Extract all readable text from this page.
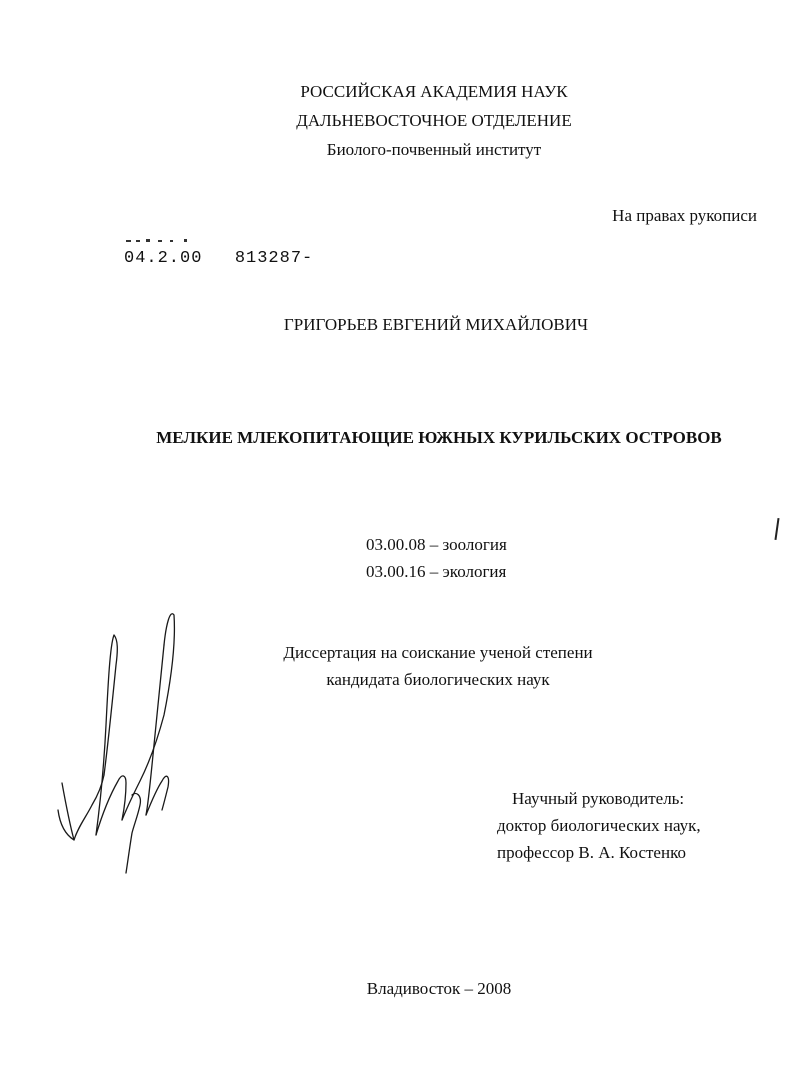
РОССИЙСКАЯ АКАДЕМИЯ НАУК
ДАЛЬНЕВОСТОЧНОЕ ОТДЕЛЕНИЕ
Биолого-почвенный институт
На правах рукописи
04.2.00 813287-
ГРИГОРЬЕВ ЕВГЕНИЙ МИХАЙЛОВИЧ
МЕЛКИЕ МЛЕКОПИТАЮЩИЕ ЮЖНЫХ КУРИЛЬСКИХ ОСТРОВОВ
03.00.08 – зоология
03.00.16 – экология
Диссертация на соискание ученой степени
кандидата биологических наук
Научный руководитель:
доктор биологических наук,
профессор В. А. Костенко
Владивосток – 2008
